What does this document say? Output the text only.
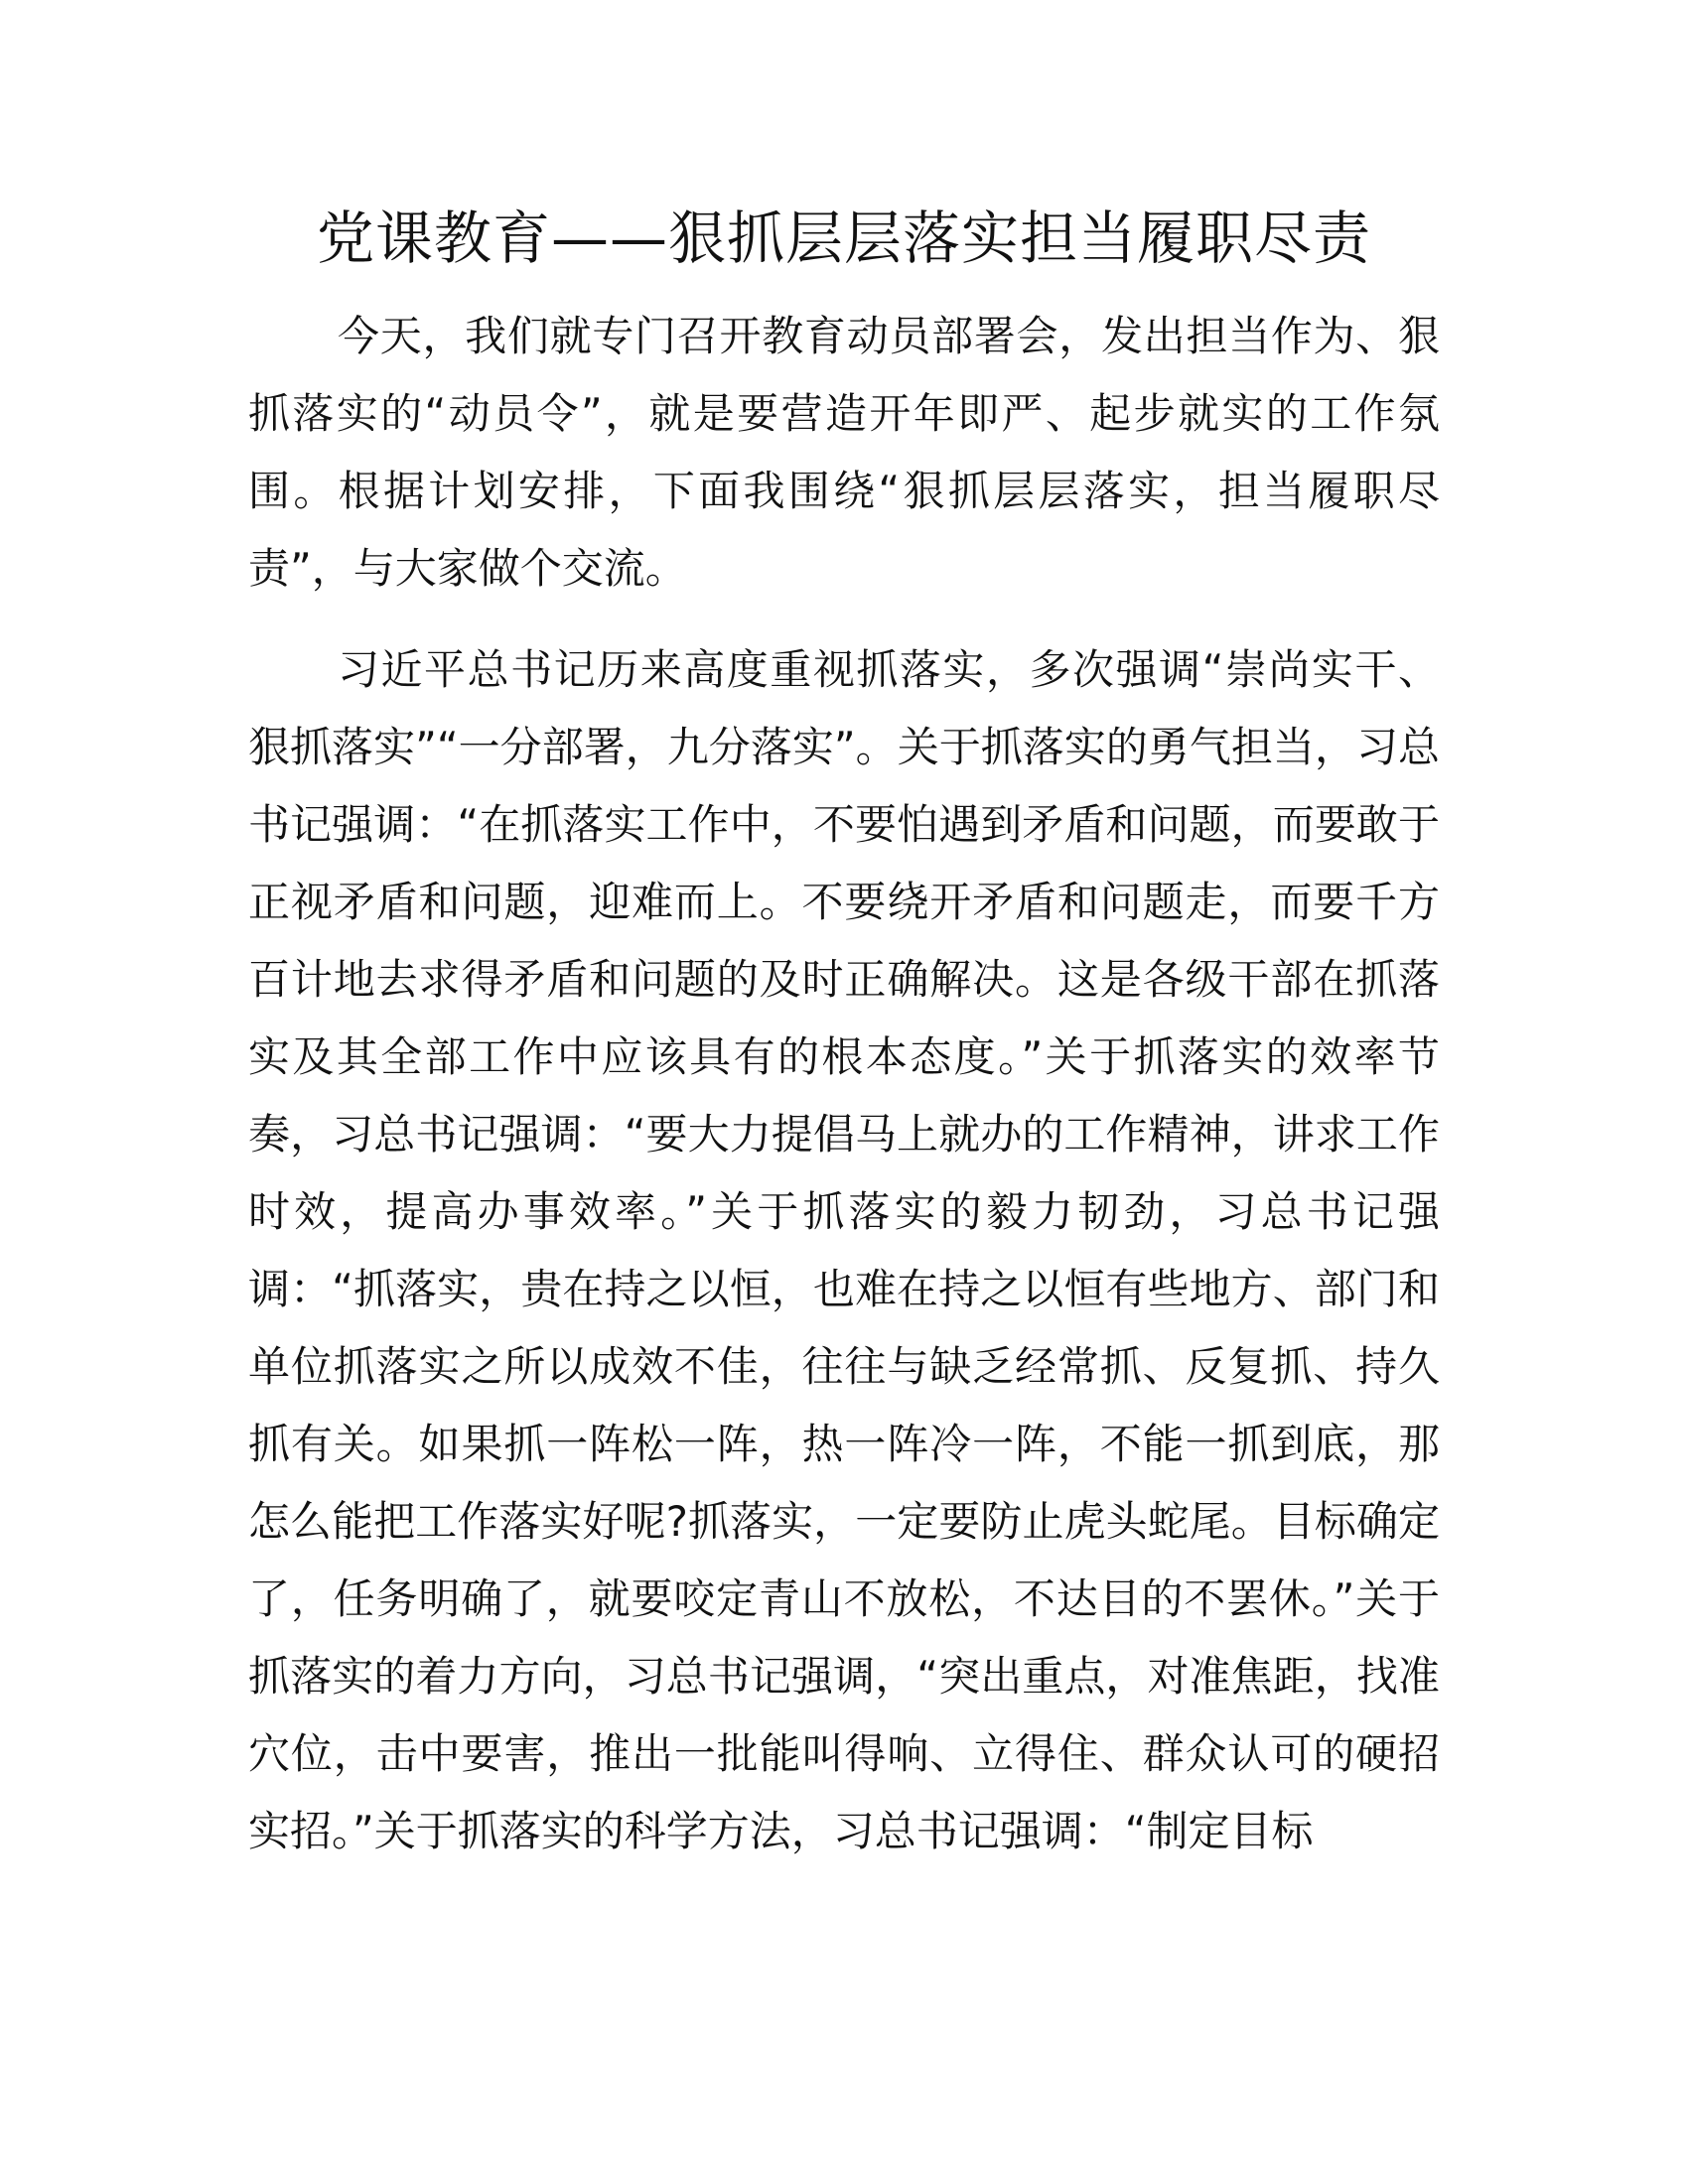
党课教育——狠抓层层落实担当履职尽责

今天，我们就专门召开教育动员部署会，发出担当作为、狠抓落实的“动员令”，就是要营造开年即严、起步就实的工作氛围。根据计划安排，下面我围绕“狠抓层层落实，担当履职尽责”，与大家做个交流。

习近平总书记历来高度重视抓落实，多次强调“崇尚实干、狠抓落实”“一分部署，九分落实”。关于抓落实的勇气担当，习总书记强调：“在抓落实工作中，不要怕遇到矛盾和问题，而要敢于正视矛盾和问题，迎难而上。不要绕开矛盾和问题走，而要千方百计地去求得矛盾和问题的及时正确解决。这是各级干部在抓落实及其全部工作中应该具有的根本态度。”关于抓落实的效率节奏，习总书记强调：“要大力提倡马上就办的工作精神，讲求工作时效，提高办事效率。”关于抓落实的毅力韧劲，习总书记强调：“抓落实，贵在持之以恒，也难在持之以恒有些地方、部门和单位抓落实之所以成效不佳，往往与缺乏经常抓、反复抓、持久抓有关。如果抓一阵松一阵，热一阵冷一阵，不能一抓到底，那怎么能把工作落实好呢?抓落实，一定要防止虎头蛇尾。目标确定了，任务明确了，就要咬定青山不放松，不达目的不罢休。”关于抓落实的着力方向，习总书记强调，“突出重点，对准焦距，找准穴位，击中要害，推出一批能叫得响、立得住、群众认可的硬招实招。”关于抓落实的科学方法，习总书记强调：“制定目标
